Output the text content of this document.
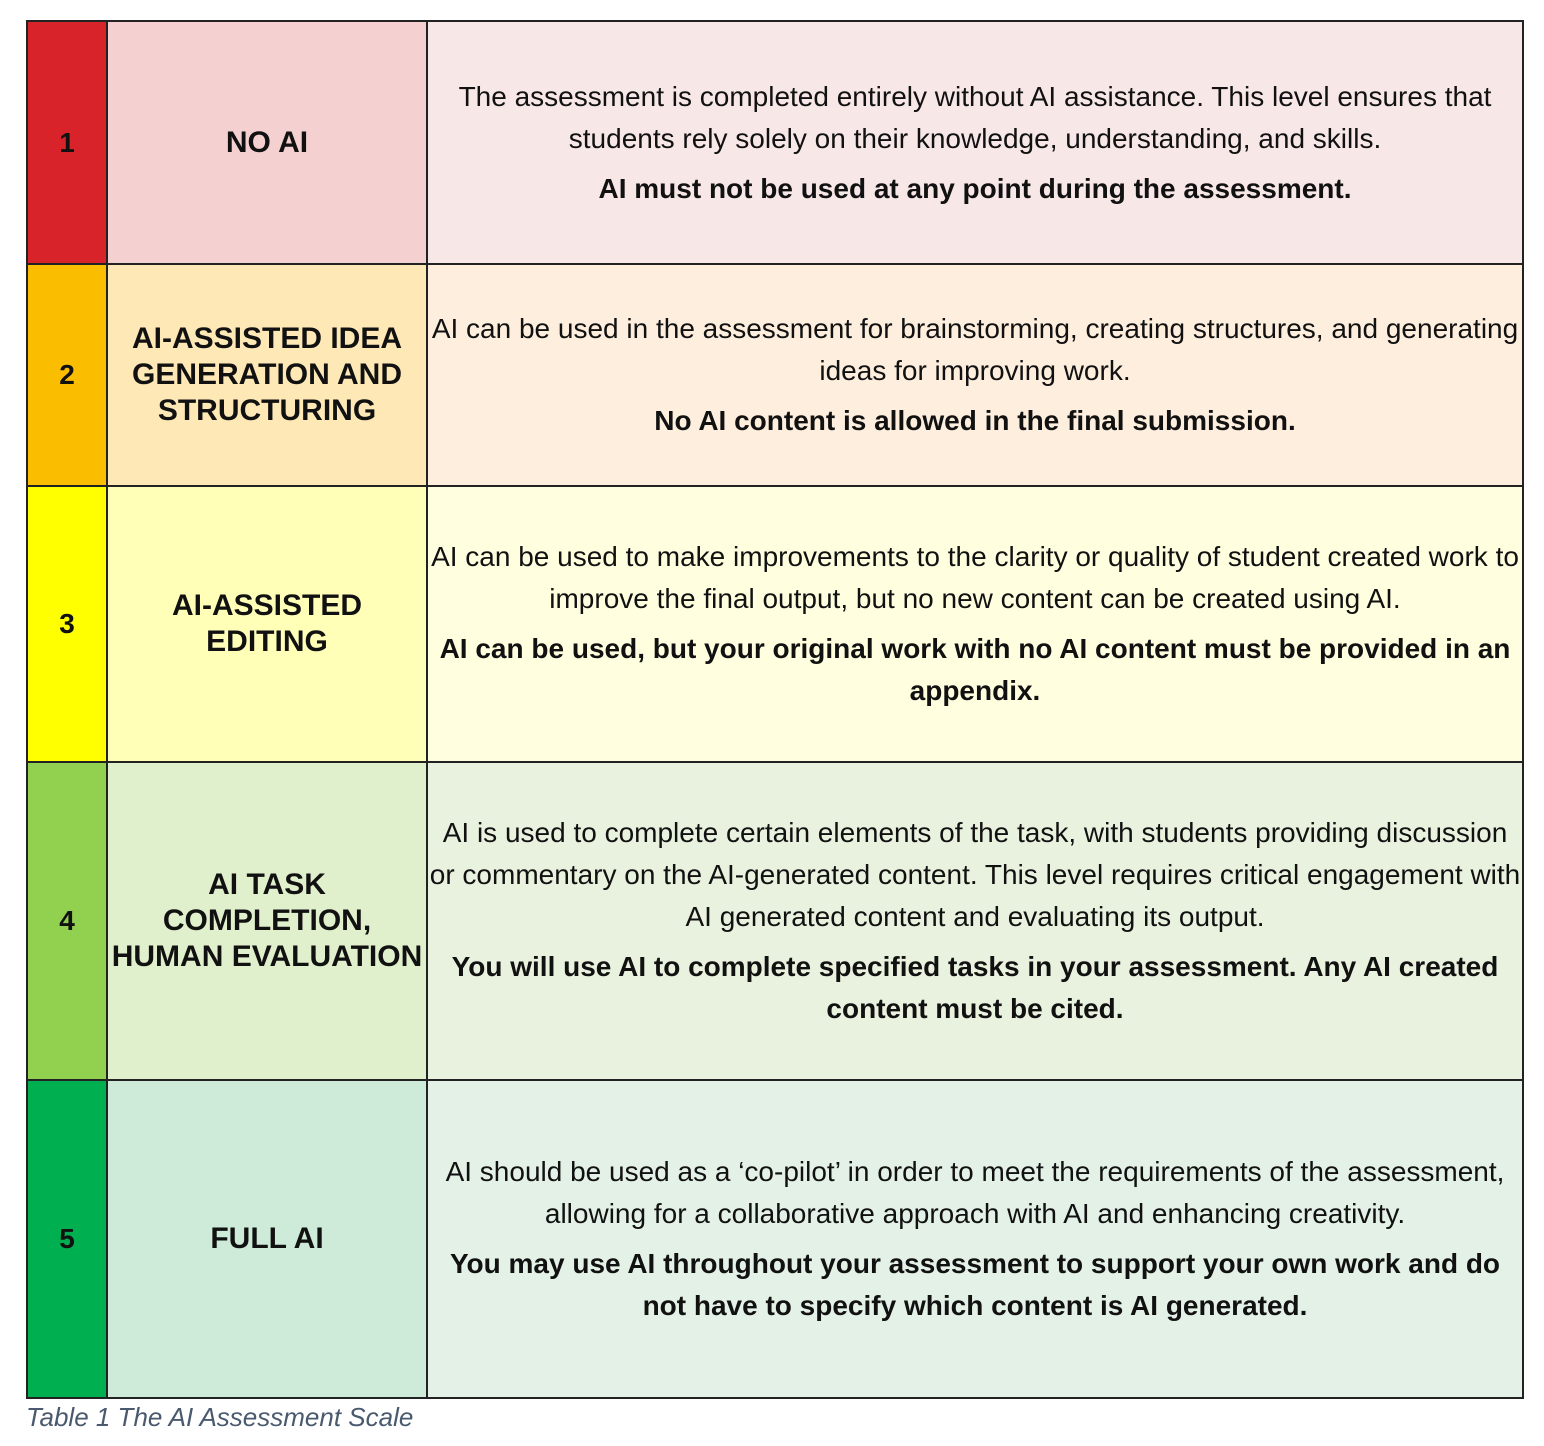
1	NO AI	The assessment is completed entirely without AI assistance. This level ensures that students rely solely on their knowledge, understanding, and skills.

AI must not be used at any point during the assessment.

2	AI-ASSISTED IDEA GENERATION AND STRUCTURING	AI can be used in the assessment for brainstorming, creating structures, and generating ideas for improving work.

No AI content is allowed in the final submission.

3	AI-ASSISTED EDITING	AI can be used to make improvements to the clarity or quality of student created work to improve the final output, but no new content can be created using AI.

AI can be used, but your original work with no AI content must be provided in an appendix.

4	AI TASK COMPLETION, HUMAN EVALUATION	AI is used to complete certain elements of the task, with students providing discussion or commentary on the AI-generated content. This level requires critical engagement with AI generated content and evaluating its output.

You will use AI to complete specified tasks in your assessment. Any AI created content must be cited.

5	FULL AI	AI should be used as a ‘co-pilot’ in order to meet the requirements of the assessment, allowing for a collaborative approach with AI and enhancing creativity.

You may use AI throughout your assessment to support your own work and do not have to specify which content is AI generated.

Table 1 The AI Assessment Scale
